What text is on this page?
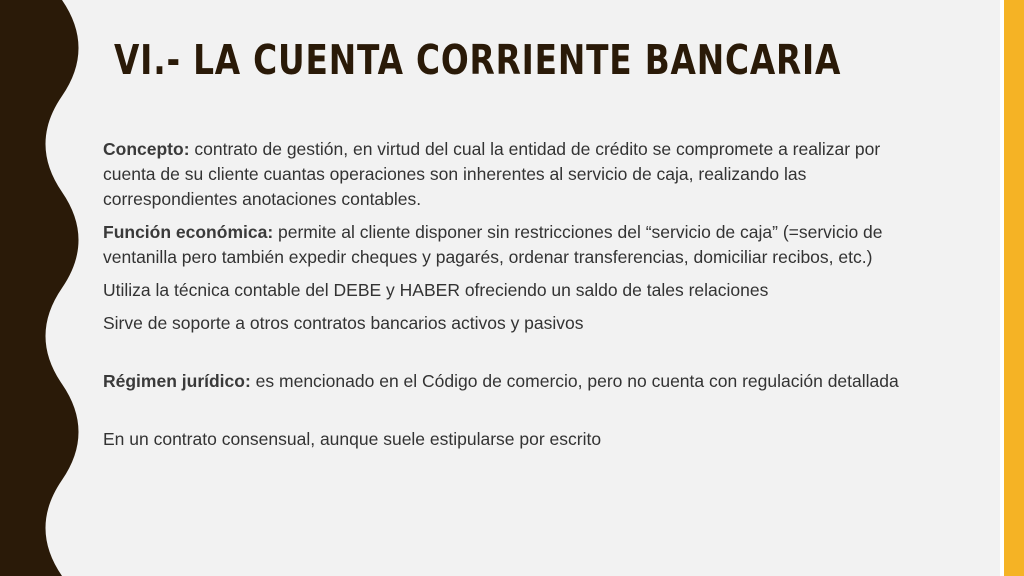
VI.- LA CUENTA CORRIENTE BANCARIA

Concepto: contrato de gestión, en virtud del cual la entidad de crédito se compromete a realizar por cuenta de su cliente cuantas operaciones son inherentes al servicio de caja, realizando las correspondientes anotaciones contables.

Función económica: permite al cliente disponer sin restricciones del “servicio de caja” (=servicio de ventanilla pero también expedir cheques y pagarés, ordenar transferencias, domiciliar recibos, etc.)

Utiliza la técnica contable del DEBE y HABER ofreciendo un saldo de tales relaciones

Sirve de soporte a otros contratos bancarios activos y pasivos

Régimen jurídico: es mencionado en el Código de comercio, pero no cuenta con regulación detallada

En un contrato consensual, aunque suele estipularse por escrito
